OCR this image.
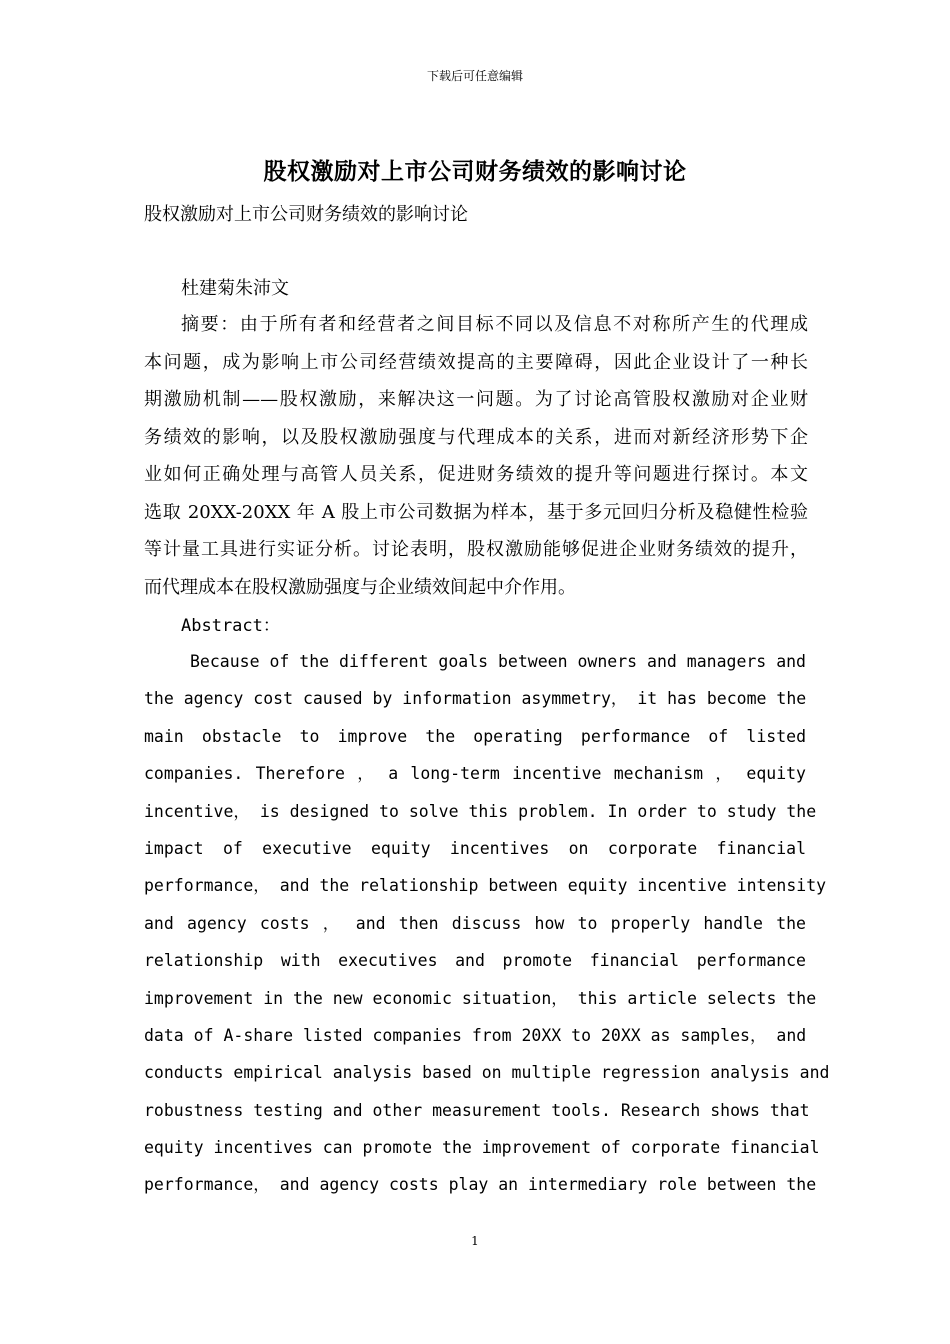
下载后可任意编辑
股权激励对上市公司财务绩效的影响讨论
股权激励对上市公司财务绩效的影响讨论
杜建菊朱沛文
摘要：由于所有者和经营者之间目标不同以及信息不对称所产生的代理成
本问题，成为影响上市公司经营绩效提高的主要障碍，因此企业设计了一种长
期激励机制——股权激励，来解决这一问题。为了讨论高管股权激励对企业财
务绩效的影响，以及股权激励强度与代理成本的关系，进而对新经济形势下企
业如何正确处理与高管人员关系，促进财务绩效的提升等问题进行探讨。本文
选取 20XX-20XX 年 A 股上市公司数据为样本，基于多元回归分析及稳健性检验
等计量工具进行实证分析。讨论表明，股权激励能够促进企业财务绩效的提升，
而代理成本在股权激励强度与企业绩效间起中介作用。
Abstract：
Because of the different goals between owners and managers and
the agency cost caused by information asymmetry， it has become the
main obstacle to improve the operating performance of listed
companies. Therefore ， a long-term incentive mechanism ， equity
incentive， is designed to solve this problem. In order to study the
impact of executive equity incentives on corporate financial
performance， and the relationship between equity incentive intensity
and agency costs ， and then discuss how to properly handle the
relationship with executives and promote financial performance
improvement in the new economic situation， this article selects the
data of A-share listed companies from 20XX to 20XX as samples， and
conducts empirical analysis based on multiple regression analysis and
robustness testing and other measurement tools. Research shows that
equity incentives can promote the improvement of corporate financial
performance， and agency costs play an intermediary role between the
1
